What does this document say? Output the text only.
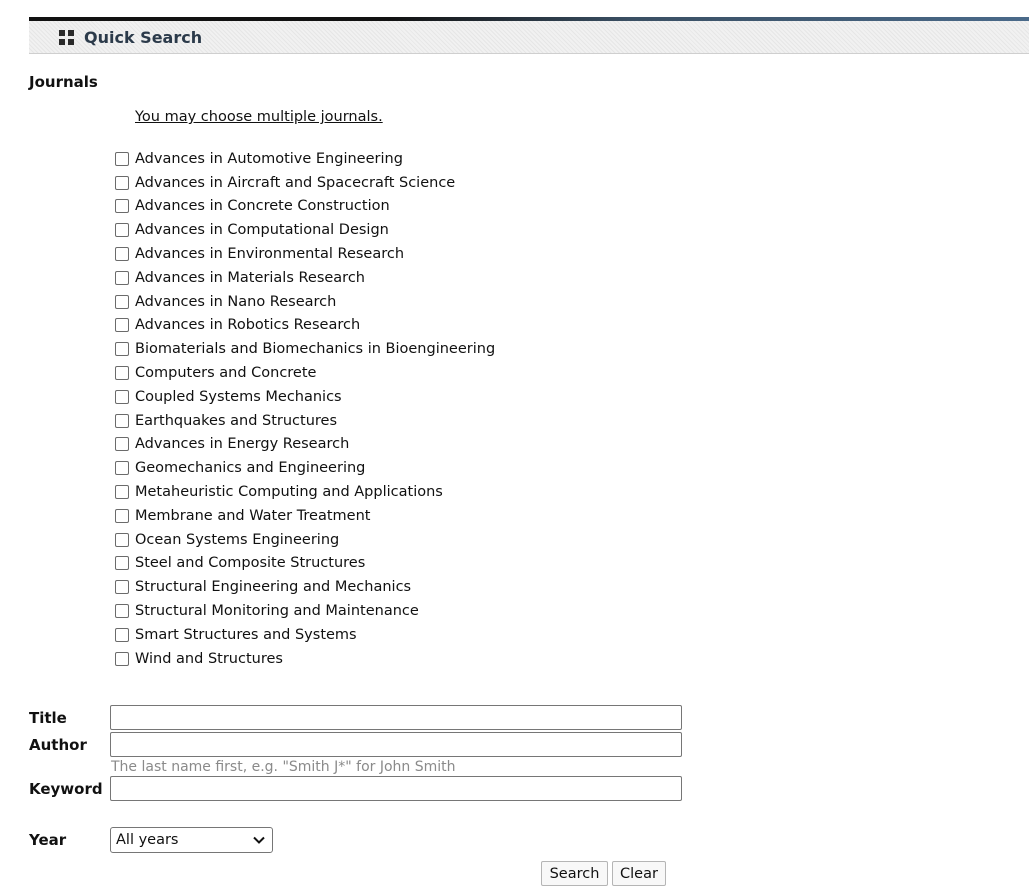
Quick Search
Journals
You may choose multiple journals.
Advances in Automotive Engineering
Advances in Aircraft and Spacecraft Science
Advances in Concrete Construction
Advances in Computational Design
Advances in Environmental Research
Advances in Materials Research
Advances in Nano Research
Advances in Robotics Research
Biomaterials and Biomechanics in Bioengineering
Computers and Concrete
Coupled Systems Mechanics
Earthquakes and Structures
Advances in Energy Research
Geomechanics and Engineering
Metaheuristic Computing and Applications
Membrane and Water Treatment
Ocean Systems Engineering
Steel and Composite Structures
Structural Engineering and Mechanics
Structural Monitoring and Maintenance
Smart Structures and Systems
Wind and Structures
Title
Author
The last name first, e.g. "Smith J*" for John Smith
Keyword
Year	All years
Search	Clear
